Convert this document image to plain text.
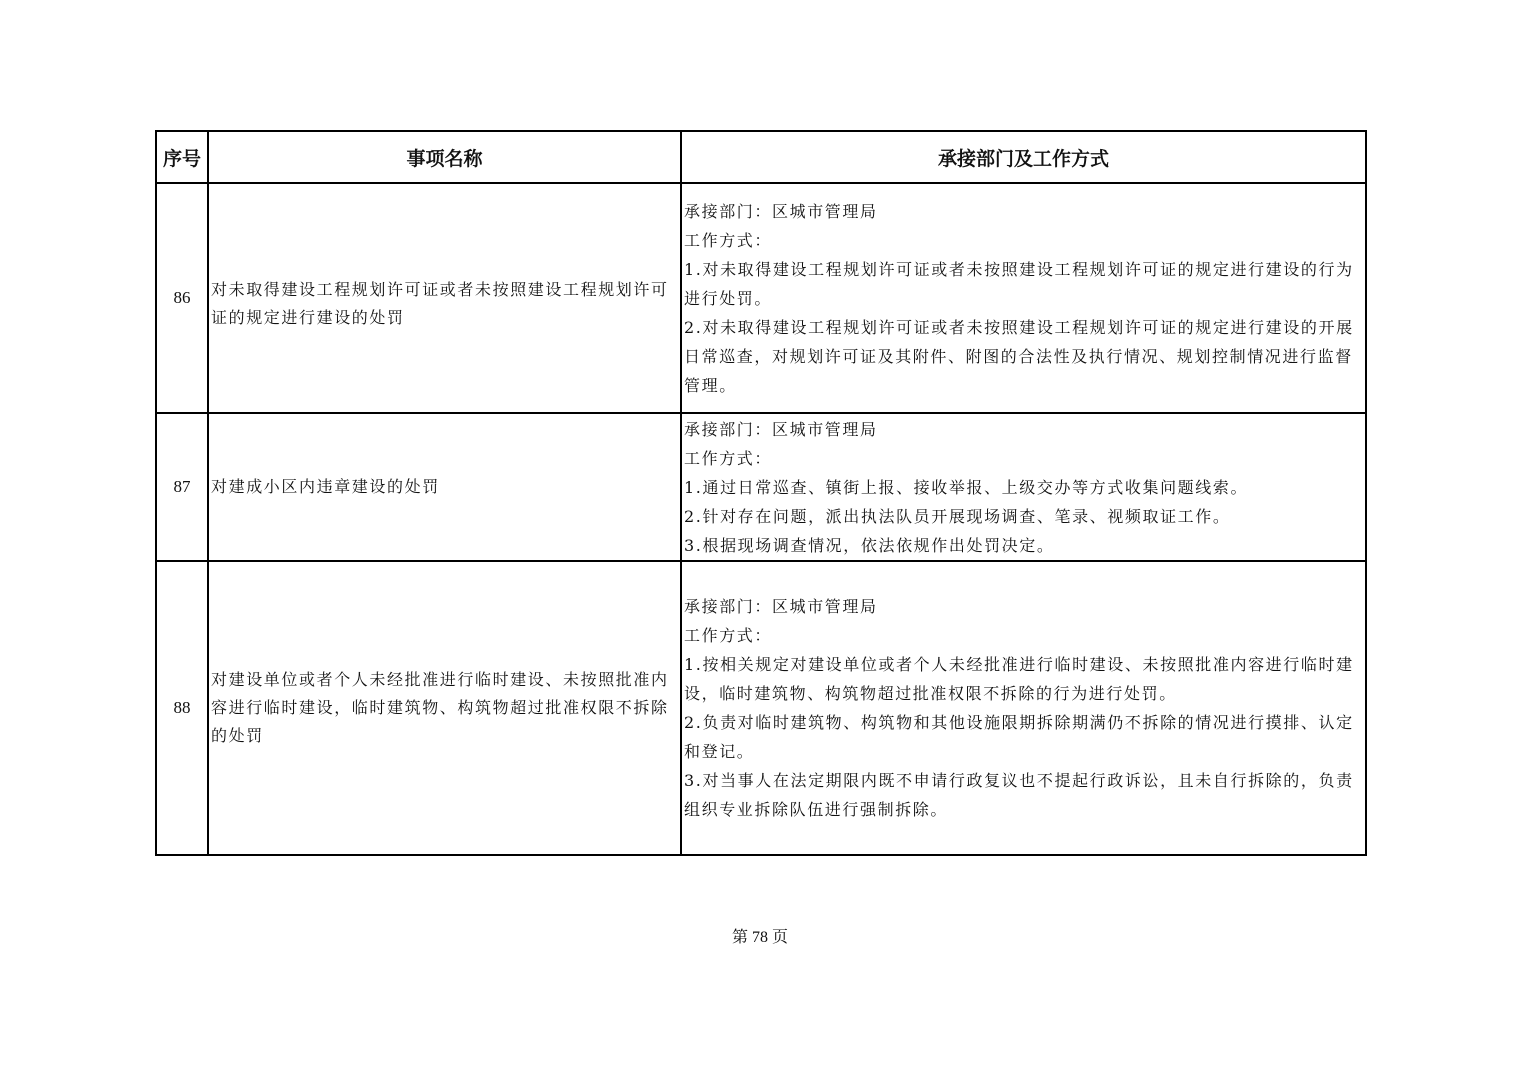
序号	事项名称	承接部门及工作方式
86	对未取得建设工程规划许可证或者未按照建设工程规划许可证的规定进行建设的处罚	承接部门：区城市管理局
工作方式：
1.对未取得建设工程规划许可证或者未按照建设工程规划许可证的规定进行建设的行为进行处罚。
2.对未取得建设工程规划许可证或者未按照建设工程规划许可证的规定进行建设的开展日常巡查，对规划许可证及其附件、附图的合法性及执行情况、规划控制情况进行监督管理。

87	对建成小区内违章建设的处罚	承接部门：区城市管理局
工作方式：
1.通过日常巡查、镇街上报、接收举报、上级交办等方式收集问题线索。
2.针对存在问题，派出执法队员开展现场调查、笔录、视频取证工作。
3.根据现场调查情况，依法依规作出处罚决定。

88	对建设单位或者个人未经批准进行临时建设、未按照批准内容进行临时建设，临时建筑物、构筑物超过批准权限不拆除的处罚	承接部门：区城市管理局
工作方式：
1.按相关规定对建设单位或者个人未经批准进行临时建设、未按照批准内容进行临时建设，临时建筑物、构筑物超过批准权限不拆除的行为进行处罚。
2.负责对临时建筑物、构筑物和其他设施限期拆除期满仍不拆除的情况进行摸排、认定和登记。
3.对当事人在法定期限内既不申请行政复议也不提起行政诉讼，且未自行拆除的，负责组织专业拆除队伍进行强制拆除。
第 78 页
